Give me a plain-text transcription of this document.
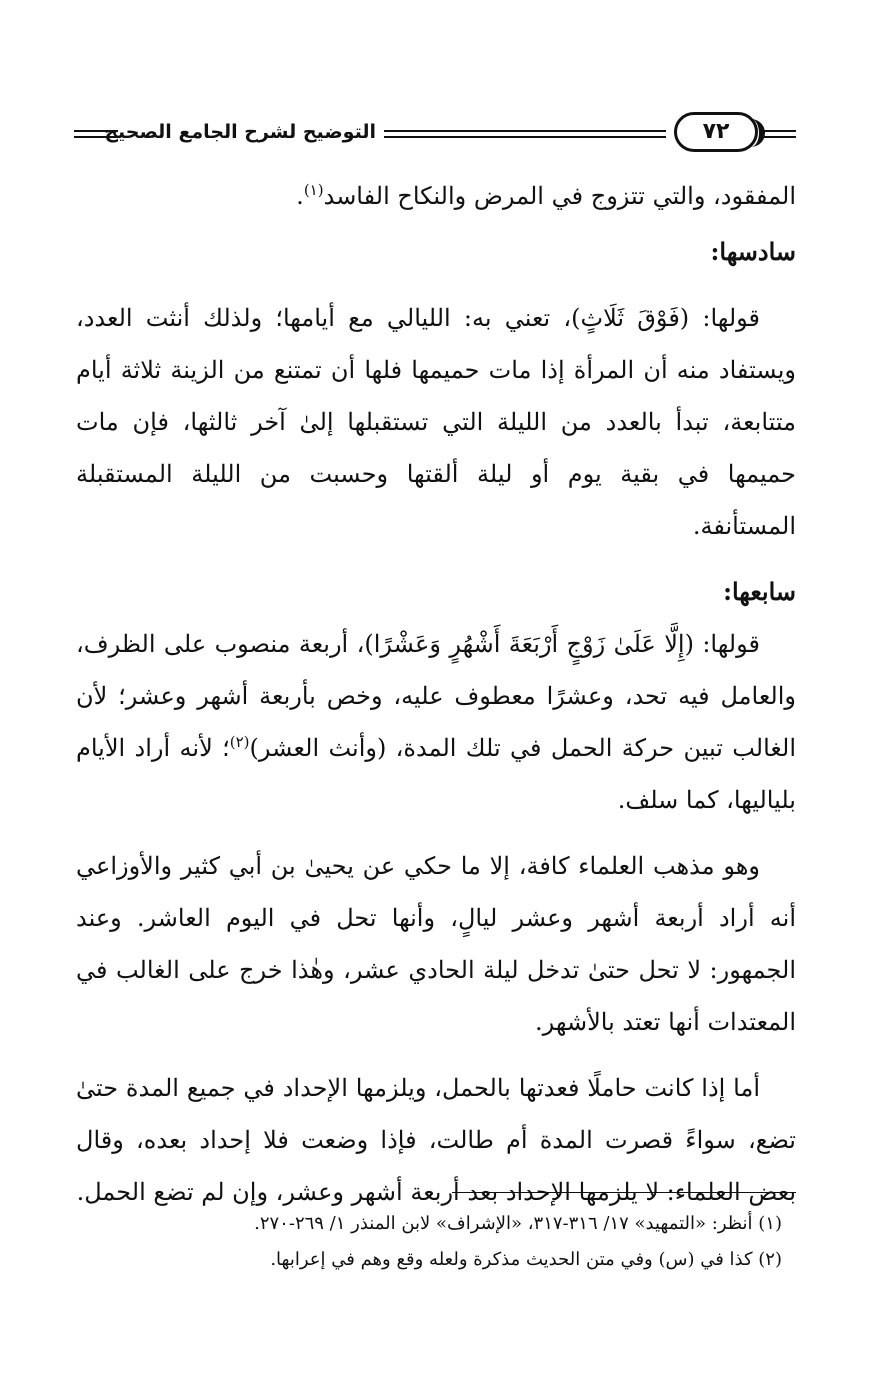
التوضيح لشرح الجامع الصحيح	٧٢

المفقود، والتي تتزوج في المرض والنكاح الفاسد$^{(١)}$.

سادسها:

قولها: (فَوْقَ ثَلَاثٍ)، تعني به: الليالي مع أيامها؛ ولذلك أنثت العدد، ويستفاد منه أن المرأة إذا مات حميمها فلها أن تمتنع من الزينة ثلاثة أيام متتابعة، تبدأ بالعدد من الليلة التي تستقبلها إلىٰ آخر ثالثها، فإن مات حميمها في بقية يوم أو ليلة ألقتها وحسبت من الليلة المستقبلة المستأنفة.

سابعها:

قولها: (إِلَّا عَلَىٰ زَوْجٍ أَرْبَعَةَ أَشْهُرٍ وَعَشْرًا)، أربعة منصوب على الظرف، والعامل فيه تحد، وعشرًا معطوف عليه، وخص بأربعة أشهر وعشر؛ لأن الغالب تبين حركة الحمل في تلك المدة، (وأنث العشر)$^{(٢)}$؛ لأنه أراد الأيام بلياليها، كما سلف.

وهو مذهب العلماء كافة، إلا ما حكي عن يحيىٰ بن أبي كثير والأوزاعي أنه أراد أربعة أشهر وعشر ليالٍ، وأنها تحل في اليوم العاشر. وعند الجمهور: لا تحل حتىٰ تدخل ليلة الحادي عشر، وهٰذا خرج على الغالب في المعتدات أنها تعتد بالأشهر.

أما إذا كانت حاملًا فعدتها بالحمل، ويلزمها الإحداد في جميع المدة حتىٰ تضع، سواءً قصرت المدة أم طالت، فإذا وضعت فلا إحداد بعده، وقال بعض العلماء: لا يلزمها الإحداد بعد أربعة أشهر وعشر، وإن لم تضع الحمل.

(١) أنظر: «التمهيد» ١٧/ ٣١٦-٣١٧، «الإشراف» لابن المنذر ١/ ٢٦٩-٢٧٠.

(٢) كذا في (س) وفي متن الحديث مذكرة ولعله وقع وهم في إعرابها.
